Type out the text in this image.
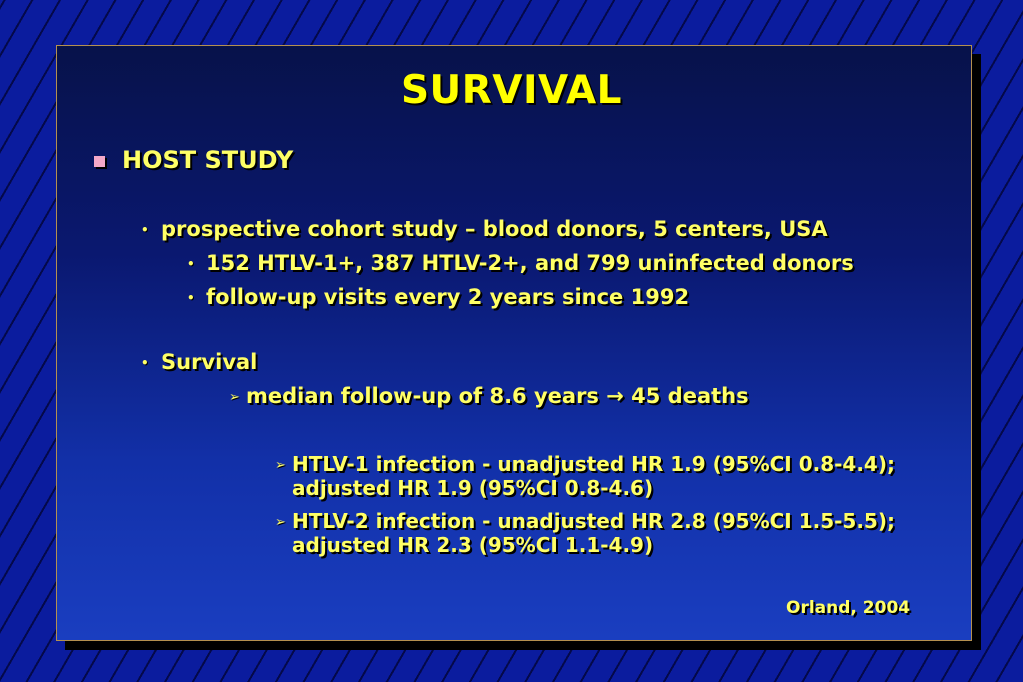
SURVIVAL
HOST STUDY
• prospective cohort study – blood donors, 5 centers, USA
• 152 HTLV-1+, 387 HTLV-2+, and 799 uninfected donors
• follow-up visits every 2 years since 1992
• Survival
➢ median follow-up of 8.6 years → 45 deaths
➢ HTLV-1 infection - unadjusted HR 1.9 (95%CI 0.8-4.4);
adjusted HR 1.9 (95%CI 0.8-4.6)
➢ HTLV-2 infection - unadjusted HR 2.8 (95%CI 1.5-5.5);
adjusted HR 2.3 (95%CI 1.1-4.9)
Orland, 2004
